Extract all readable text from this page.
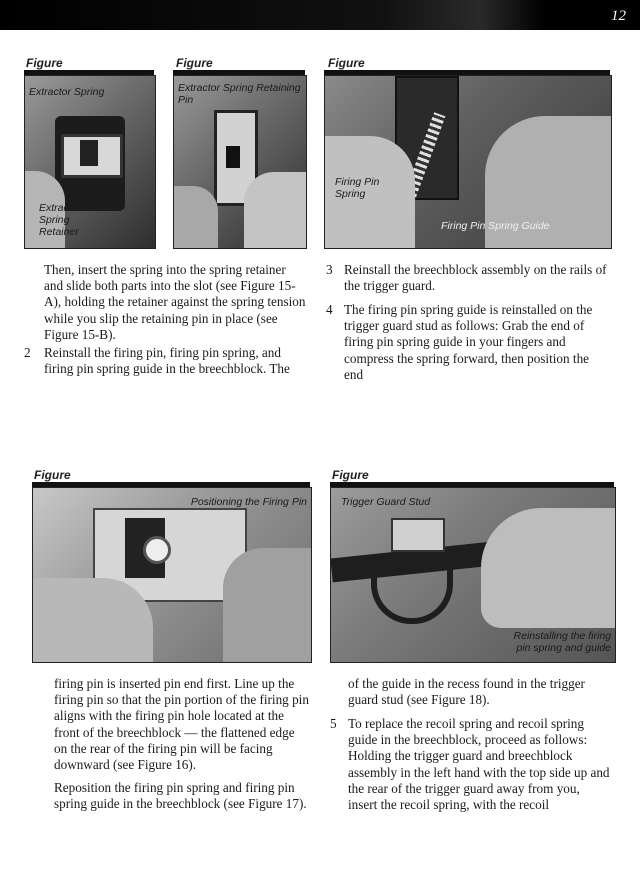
12
Figure
Extractor Spring
Extractor Spring Retainer
Figure
Extractor Spring Retaining Pin
Figure
Firing Pin Spring
Firing Pin Spring Guide

Then, insert the spring into the spring retainer and slide both parts into the slot (see Figure 15-A), holding the retainer against the spring tension while you slip the retaining pin in place (see Figure 15-B).

2 Reinstall the firing pin, firing pin spring, and firing pin spring guide in the breechblock. The

3 Reinstall the breechblock assembly on the rails of the trigger guard.

4 The firing pin spring guide is reinstalled on the trigger guard stud as follows: Grab the end of firing pin spring guide in your fingers and compress the spring forward, then position the end

Figure
Positioning the Firing Pin
Figure
Trigger Guard Stud
Reinstalling the firing pin spring and guide

firing pin is inserted pin end first. Line up the firing pin so that the pin portion of the firing pin aligns with the firing pin hole located at the front of the breechblock — the flattened edge on the rear of the firing pin will be facing downward (see Figure 16).

Reposition the firing pin spring and firing pin spring guide in the breechblock (see Figure 17).

of the guide in the recess found in the trigger guard stud (see Figure 18).

5 To replace the recoil spring and recoil spring guide in the breechblock, proceed as follows: Holding the trigger guard and breechblock assembly in the left hand with the top side up and the rear of the trigger guard away from you, insert the recoil spring, with the recoil
